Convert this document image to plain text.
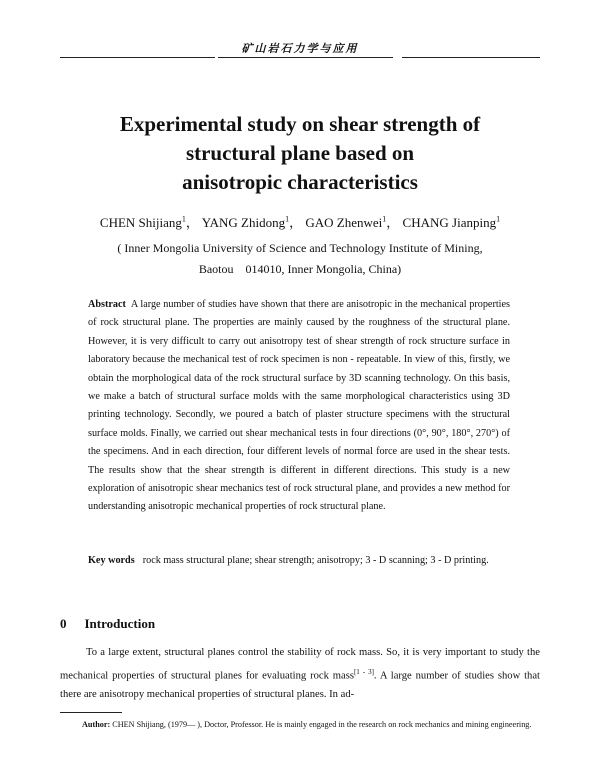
矿山岩石力学与应用
Experimental study on shear strength of
structural plane based on
anisotropic characteristics
CHEN Shijiang$^1$， YANG Zhidong$^1$， GAO Zhenwei$^1$， CHANG Jianping$^1$
( Inner Mongolia University of Science and Technology Institute of Mining,
Baotou　014010, Inner Mongolia, China)
Abstract A large number of studies have shown that there are anisotropic in the mechanical properties of rock structural plane. The properties are mainly caused by the roughness of the structural plane. However, it is very difficult to carry out anisotropy test of shear strength of rock structure surface in laboratory because the mechanical test of rock specimen is non - repeatable. In view of this, firstly, we obtain the morphological data of the rock structural surface by 3D scanning technology. On this basis, we make a batch of structural surface molds with the same morphological characteristics using 3D printing technology. Secondly, we poured a batch of plaster structure specimens with the structural surface molds. Finally, we carried out shear mechanical tests in four directions (0°, 90°, 180°, 270°) of the specimens. And in each direction, four different levels of normal force are used in the shear tests. The results show that the shear strength is different in different directions. This study is a new exploration of anisotropic shear mechanics test of rock structural plane, and provides a new method for understanding anisotropic mechanical properties of rock structural plane.
Key words rock mass structural plane; shear strength; anisotropy; 3 - D scanning; 3 - D printing.
0 Introduction
To a large extent, structural planes control the stability of rock mass. So, it is very important to study the mechanical properties of structural planes for evaluating rock mass[1 - 3]. A large number of studies show that there are anisotropy mechanical properties of structural planes. In ad-
Author: CHEN Shijiang, (1979— ), Doctor, Professor. He is mainly engaged in the research on rock mechanics and mining engineering.
